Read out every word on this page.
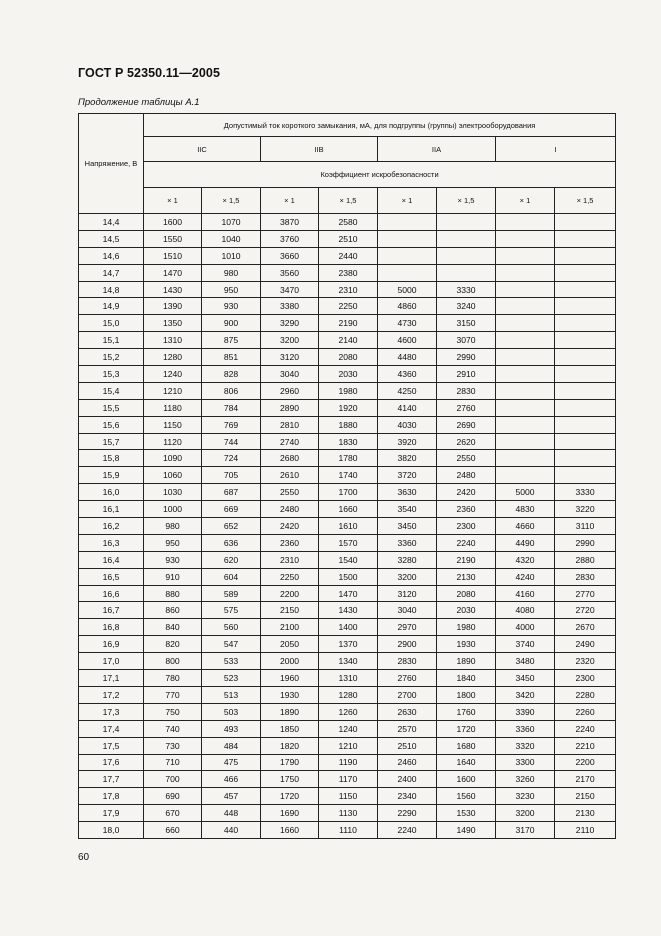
ГОСТ Р 52350.11—2005
Продолжение таблицы А.1
Напряжение, В	Допустимый ток короткого замыкания, мА, для подгруппы (группы) электрооборудования							
	IIC		IIB		IIA		I	
	Коэффициент искробезопасности							
	× 1	× 1,5	× 1	× 1,5	× 1	× 1,5	× 1	× 1,5
14,4	1600	1070	3870	2580				
14,5	1550	1040	3760	2510				
14,6	1510	1010	3660	2440				
14,7	1470	980	3560	2380				
14,8	1430	950	3470	2310	5000	3330		
14,9	1390	930	3380	2250	4860	3240		
15,0	1350	900	3290	2190	4730	3150		
15,1	1310	875	3200	2140	4600	3070		
15,2	1280	851	3120	2080	4480	2990		
15,3	1240	828	3040	2030	4360	2910		
15,4	1210	806	2960	1980	4250	2830		
15,5	1180	784	2890	1920	4140	2760		
15,6	1150	769	2810	1880	4030	2690		
15,7	1120	744	2740	1830	3920	2620		
15,8	1090	724	2680	1780	3820	2550		
15,9	1060	705	2610	1740	3720	2480		
16,0	1030	687	2550	1700	3630	2420	5000	3330
16,1	1000	669	2480	1660	3540	2360	4830	3220
16,2	980	652	2420	1610	3450	2300	4660	3110
16,3	950	636	2360	1570	3360	2240	4490	2990
16,4	930	620	2310	1540	3280	2190	4320	2880
16,5	910	604	2250	1500	3200	2130	4240	2830
16,6	880	589	2200	1470	3120	2080	4160	2770
16,7	860	575	2150	1430	3040	2030	4080	2720
16,8	840	560	2100	1400	2970	1980	4000	2670
16,9	820	547	2050	1370	2900	1930	3740	2490
17,0	800	533	2000	1340	2830	1890	3480	2320
17,1	780	523	1960	1310	2760	1840	3450	2300
17,2	770	513	1930	1280	2700	1800	3420	2280
17,3	750	503	1890	1260	2630	1760	3390	2260
17,4	740	493	1850	1240	2570	1720	3360	2240
17,5	730	484	1820	1210	2510	1680	3320	2210
17,6	710	475	1790	1190	2460	1640	3300	2200
17,7	700	466	1750	1170	2400	1600	3260	2170
17,8	690	457	1720	1150	2340	1560	3230	2150
17,9	670	448	1690	1130	2290	1530	3200	2130
18,0	660	440	1660	1110	2240	1490	3170	2110
60
